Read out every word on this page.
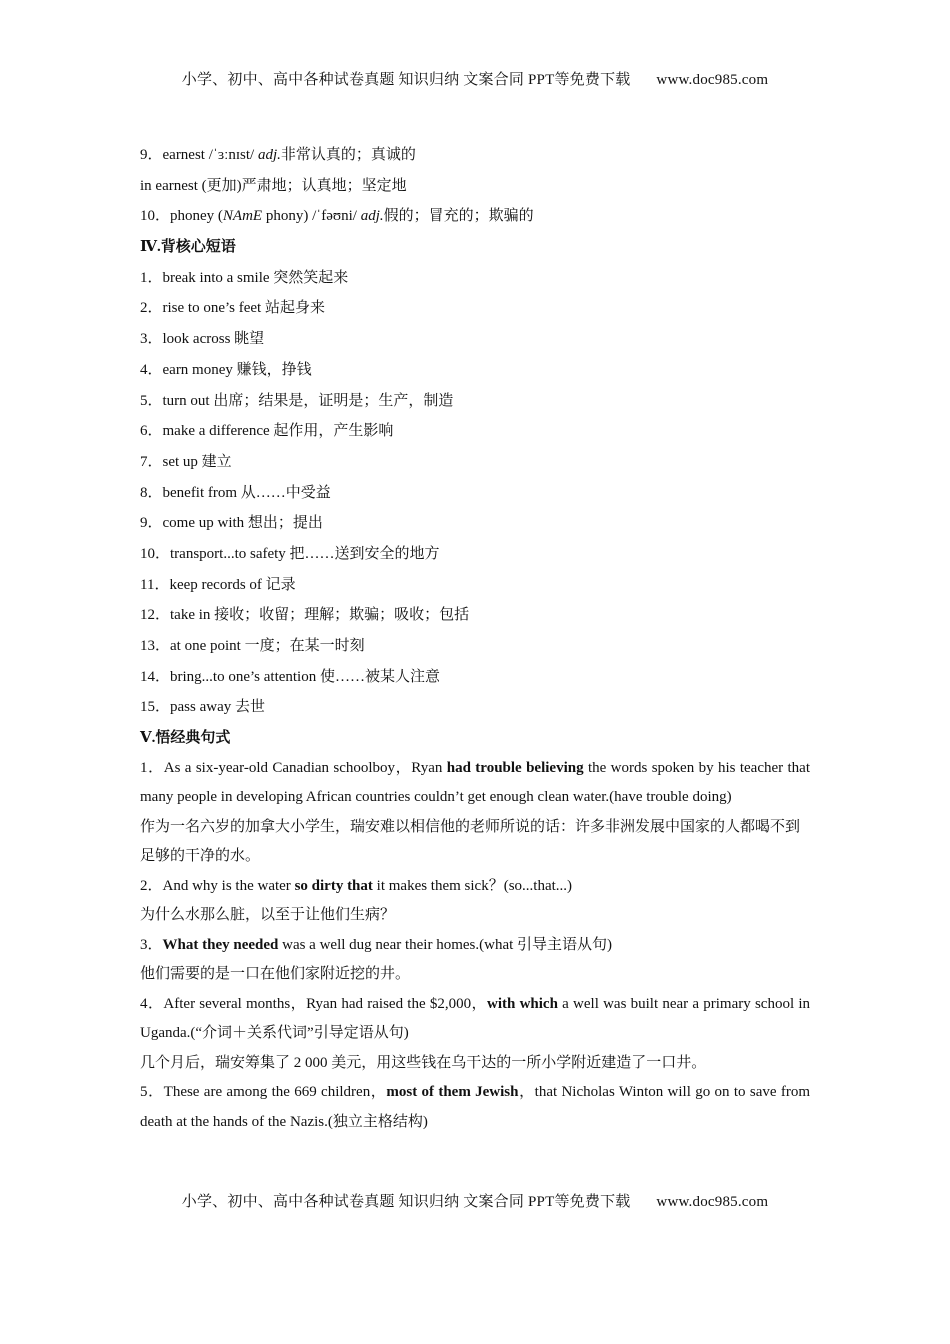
小学、初中、高中各种试卷真题 知识归纳 文案合同 PPT等免费下载 www.doc985.com
9．earnest /ˈɜːnɪst/ adj.非常认真的；真诚的
in earnest (更加)严肃地；认真地；坚定地
10．phoney (NAmE phony) /ˈfəʊni/ adj.假的；冒充的；欺骗的
Ⅳ.背核心短语
1．break into a smile 突然笑起来
2．rise to one’s feet 站起身来
3．look across 眺望
4．earn money 赚钱，挣钱
5．turn out 出席；结果是，证明是；生产，制造
6．make a difference 起作用，产生影响
7．set up 建立
8．benefit from 从……中受益
9．come up with 想出；提出
10．transport...to safety 把……送到安全的地方
11．keep records of 记录
12．take in 接收；收留；理解；欺骗；吸收；包括
13．at one point 一度；在某一时刻
14．bring...to one’s attention 使……被某人注意
15．pass away 去世
Ⅴ.悟经典句式
1．As a six-year-old Canadian schoolboy，Ryan had trouble believing the words spoken by his teacher that many people in developing African countries couldn’t get enough clean water.(have trouble doing)
作为一名六岁的加拿大小学生，瑞安难以相信他的老师所说的话：许多非洲发展中国家的人都喝不到足够的干净的水。
2．And why is the water so dirty that it makes them sick？(so...that...)
为什么水那么脏，以至于让他们生病？
3．What they needed was a well dug near their homes.(what 引导主语从句)
他们需要的是一口在他们家附近挖的井。
4．After several months，Ryan had raised the $2,000，with which a well was built near a primary school in Uganda.(“介词＋关系代词”引导定语从句)
几个月后，瑞安筹集了 2 000 美元，用这些钱在乌干达的一所小学附近建造了一口井。
5．These are among the 669 children，most of them Jewish，that Nicholas Winton will go on to save from death at the hands of the Nazis.(独立主格结构)
小学、初中、高中各种试卷真题 知识归纳 文案合同 PPT等免费下载 www.doc985.com
